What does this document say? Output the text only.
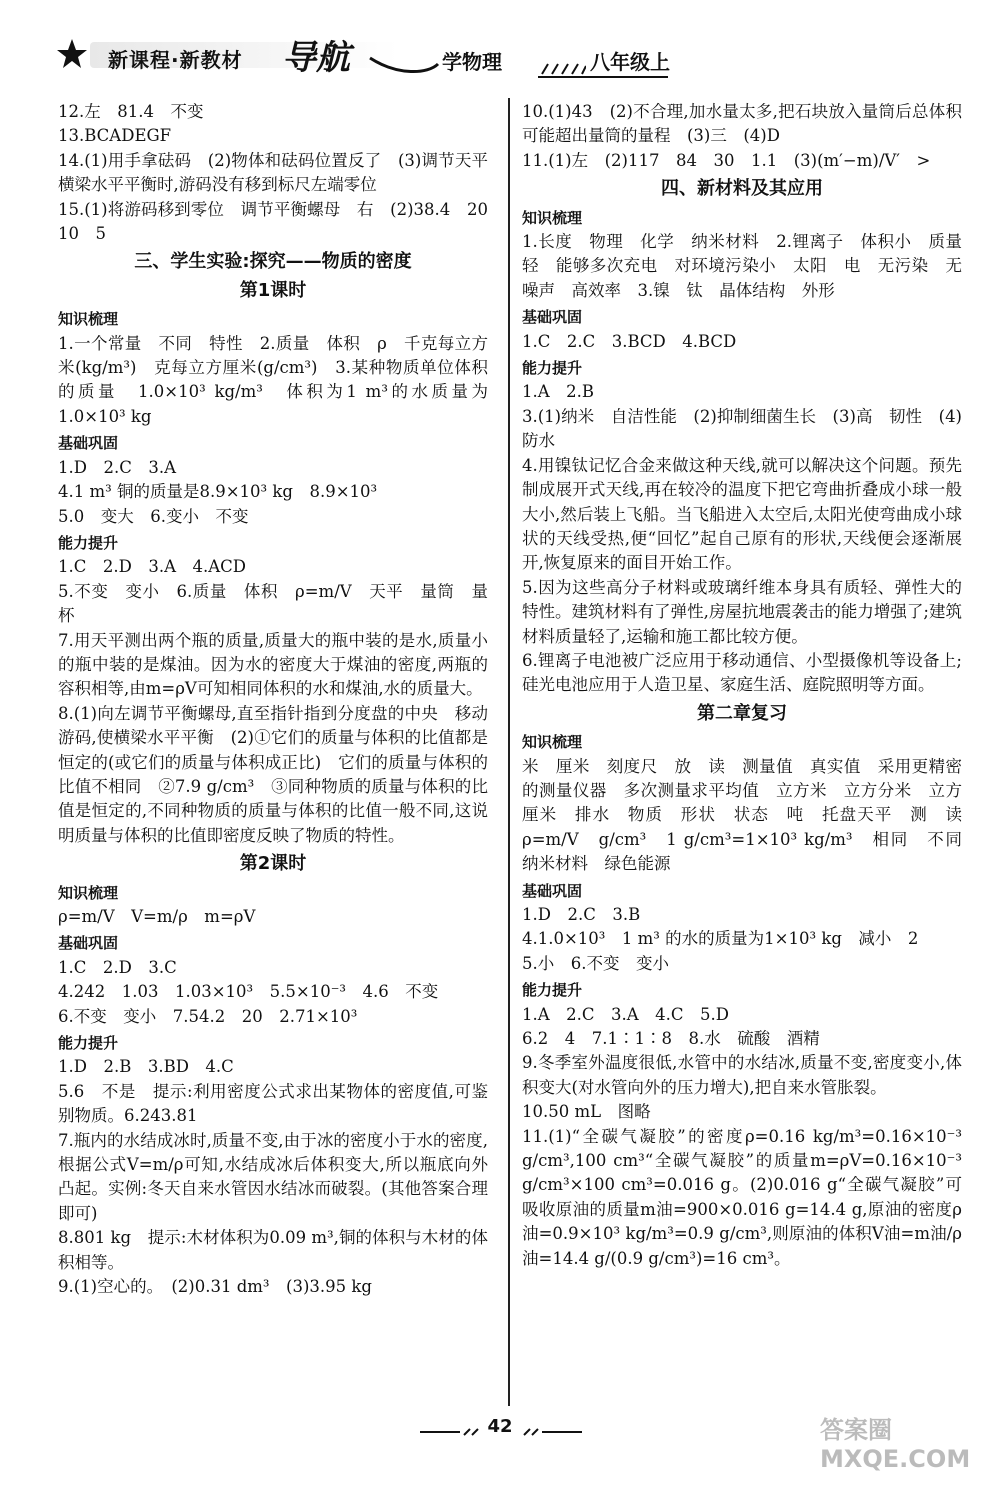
新课程·新教材 导航	学物理	八年级上

12.左　81.4　不变

13.BCADEGF

14.(1)用手拿砝码　(2)物体和砝码位置反了　(3)调节天平横梁水平平衡时,游码没有移到标尺左端零位

15.(1)将游码移到零位　调节平衡螺母　右　(2)38.4　20　10　5

三、学生实验:探究——物质的密度
第1课时
知识梳理

1.一个常量　不同　特性　2.质量　体积　ρ　千克每立方米(kg/m³)　克每立方厘米(g/cm³)　3.某种物质单位体积的质量　1.0×10³ kg/m³　体积为1 m³的水质量为1.0×10³ kg

基础巩固

1.D　2.C　3.A

4.1 m³ 铜的质量是8.9×10³ kg　8.9×10³

5.0　变大　6.变小　不变

能力提升

1.C　2.D　3.A　4.ACD

5.不变　变小　6.质量　体积　ρ=m/V　天平　量筒　量杯

7.用天平测出两个瓶的质量,质量大的瓶中装的是水,质量小的瓶中装的是煤油。因为水的密度大于煤油的密度,两瓶的容积相等,由m=ρV可知相同体积的水和煤油,水的质量大。

8.(1)向左调节平衡螺母,直至指针指到分度盘的中央　移动游码,使横梁水平平衡　(2)①它们的质量与体积的比值都是恒定的(或它们的质量与体积成正比)　它们的质量与体积的比值不相同　②7.9 g/cm³　③同种物质的质量与体积的比值是恒定的,不同种物质的质量与体积的比值一般不同,这说明质量与体积的比值即密度反映了物质的特性。

第2课时
知识梳理

ρ=m/V　V=m/ρ　m=ρV

基础巩固

1.C　2.D　3.C

4.242　1.03　1.03×10³　5.5×10⁻³　4.6　不变

6.不变　变小　7.54.2　20　2.71×10³

能力提升

1.D　2.B　3.BD　4.C

5.6　不是　提示:利用密度公式求出某物体的密度值,可鉴别物质。6.243.81

7.瓶内的水结成冰时,质量不变,由于冰的密度小于水的密度,根据公式V=m/ρ可知,水结成冰后体积变大,所以瓶底向外凸起。实例:冬天自来水管因水结冰而破裂。(其他答案合理即可)

8.801 kg　提示:木材体积为0.09 m³,铜的体积与木材的体积相等。

9.(1)空心的。　(2)0.31 dm³　(3)3.95 kg

10.(1)43　(2)不合理,加水量太多,把石块放入量筒后总体积可能超出量筒的量程　(3)三　(4)D

11.(1)左　(2)117　84　30　1.1　(3)(m′−m)/V′　>

四、新材料及其应用
知识梳理

1.长度　物理　化学　纳米材料　2.锂离子　体积小　质量轻　能够多次充电　对环境污染小　太阳　电　无污染　无噪声　高效率　3.镍　钛　晶体结构　外形

基础巩固

1.C　2.C　3.BCD　4.BCD

能力提升

1.A　2.B

3.(1)纳米　自洁性能　(2)抑制细菌生长　(3)高　韧性　(4)防水

4.用镍钛记忆合金来做这种天线,就可以解决这个问题。预先制成展开式天线,再在较冷的温度下把它弯曲折叠成小球一般大小,然后装上飞船。当飞船进入太空后,太阳光使弯曲成小球状的天线受热,便“回忆”起自己原有的形状,天线便会逐渐展开,恢复原来的面目开始工作。

5.因为这些高分子材料或玻璃纤维本身具有质轻、弹性大的特性。建筑材料有了弹性,房屋抗地震袭击的能力增强了;建筑材料质量轻了,运输和施工都比较方便。

6.锂离子电池被广泛应用于移动通信、小型摄像机等设备上;硅光电池应用于人造卫星、家庭生活、庭院照明等方面。

第二章复习
知识梳理

米　厘米　刻度尺　放　读　测量值　真实值　采用更精密的测量仪器　多次测量求平均值　立方米　立方分米　立方厘米　排水　物质　形状　状态　吨　托盘天平　测　读　ρ=m/V　g/cm³　1 g/cm³=1×10³ kg/m³　相同　不同　纳米材料　绿色能源

基础巩固

1.D　2.C　3.B

4.1.0×10³　1 m³ 的水的质量为1×10³ kg　减小　2

5.小　6.不变　变小

能力提升

1.A　2.C　3.A　4.C　5.D

6.2　4　7.1∶1∶8　8.水　硫酸　酒精

9.冬季室外温度很低,水管中的水结冰,质量不变,密度变小,体积变大(对水管向外的压力增大),把自来水管胀裂。

10.50 mL　图略

11.(1)“全碳气凝胶”的密度ρ=0.16 kg/m³=0.16×10⁻³ g/cm³,100 cm³“全碳气凝胶”的质量m=ρV=0.16×10⁻³ g/cm³×100 cm³=0.016 g。(2)0.016 g“全碳气凝胶”可吸收原油的质量m油=900×0.016 g=14.4 g,原油的密度ρ油=0.9×10³ kg/m³=0.9 g/cm³,则原油的体积V油=m油/ρ油=14.4 g/(0.9 g/cm³)=16 cm³。

42	答案圈 MXQE.COM
